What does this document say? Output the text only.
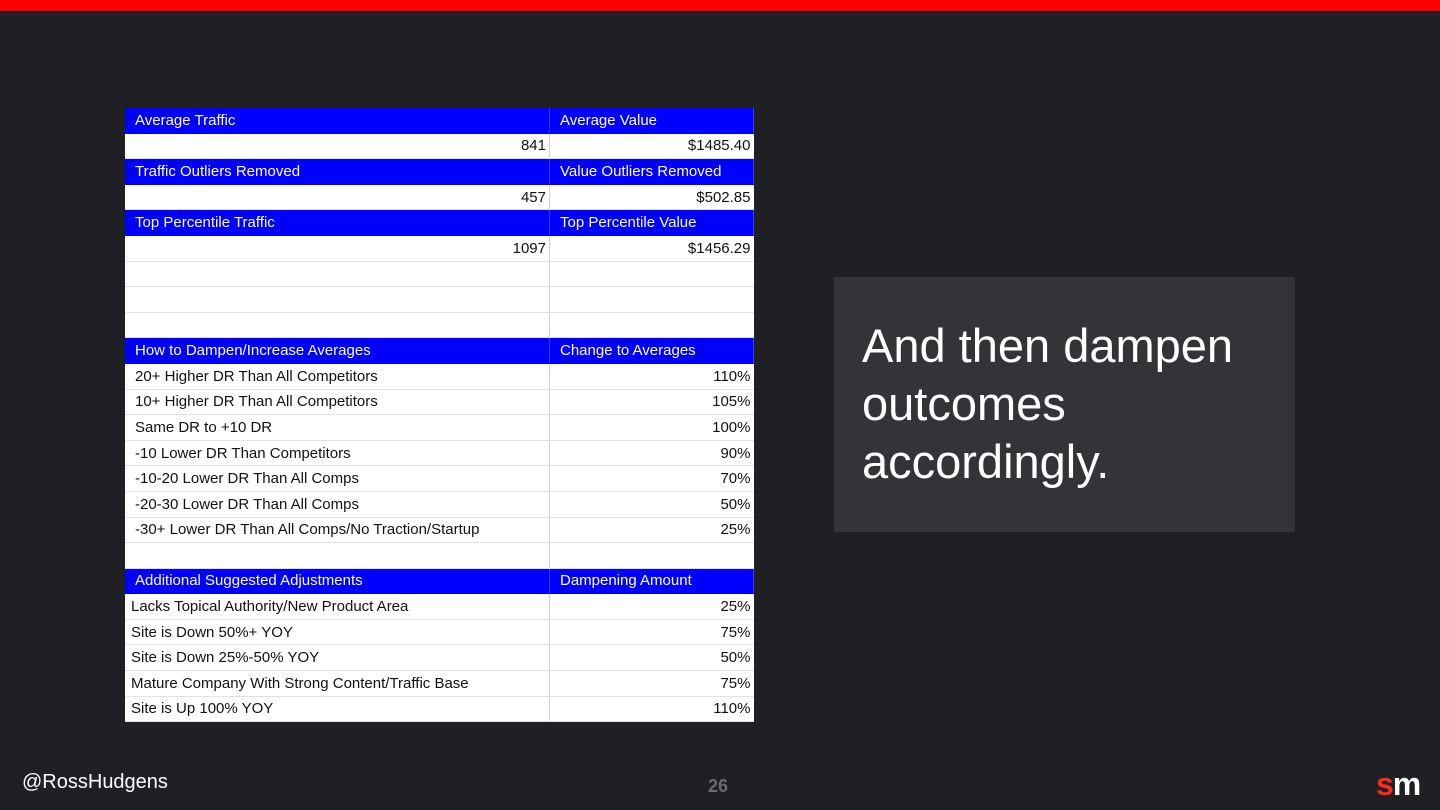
Average Traffic	Average Value
841	$1485.40
Traffic Outliers Removed	Value Outliers Removed
457	$502.85
Top Percentile Traffic	Top Percentile Value
1097	$1456.29

How to Dampen/Increase Averages	Change to Averages
20+ Higher DR Than All Competitors	110%
10+ Higher DR Than All Competitors	105%
Same DR to +10 DR	100%
-10 Lower DR Than Competitors	90%
-10-20 Lower DR Than All Comps	70%
-20-30 Lower DR Than All Comps	50%
-30+ Lower DR Than All Comps/No Traction/Startup	25%

Additional Suggested Adjustments	Dampening Amount
Lacks Topical Authority/New Product Area	25%
Site is Down 50%+ YOY	75%
Site is Down 25%-50% YOY	50%
Mature Company With Strong Content/Traffic Base	75%
Site is Up 100% YOY	110%
And then dampen outcomes accordingly.
@RossHudgens	26	sm
